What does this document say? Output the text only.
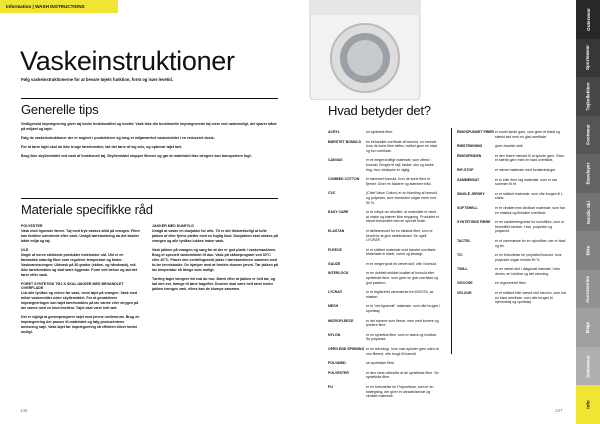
Information | WASH INSTRUCTIONS
Vaskeinstruktioner
Følg vaskeinstruktionerne for at bevare tøjets funktion, form og især levetid.
Generelle tips

Vedligehold imprægnering giver tøj bedre funktionalitet og levetid. Vask ikke din funktionelle imprægnerede tøj mere end nødvendigt, det sparer både på miljøet og tøjet.

Følg de vaskeinstruktioner der er angivet i produkterne og brug et miljømærket vaskemiddel i en reduceret dosis.

For at tørre tøjet skal du ikke bruge tørretumbler, lad det tørre af sig selv, og opbevar tøjet tørt.

Brug ikke skyllemiddel ved vask af funktionelt tøj. Skyllemiddel stopper fibrene og gør at materialet ikke længere kan transportere fugt.

Materiale specifikke råd
POLYESTER

Vask med lignende farver. Tøj med tryk vaskes altid på vrangen. Fibre kan forblive uændrede efter vask. Undgå tørretumbling da det skader både miljø og tøj.

ULD

Nogle af vores strikkede produkter indeholder uld. Uld er en fantastisk naturlig fiber som regulerer temperatur og ånder. Vaskeanvisningen: Uldvask på 30 grader (skåne- og håndvask), må ikke tørretumbles og skal tørre liggende. Form ved behov og lad det tørre efter vask.

FORET SYNTETISK TØJ & SKALJAKKER MED BEHANDLET OVERFLADE

Luk alle lynlåse og velcro før vask, vend tøjet på vrangen. Vask med milde vaskemidler uden skyllemiddel. For at genaktivere imprægneringen kan tøjet tørretumbles på lav varme eller stryges på lav varme med en klud imellem. Tøjet skal være helt tørt.

Det er vigtigt at genimprægnere tøjet med jævne mellemrum. Brug en imprægnering der passer til materialet og følg producentens anvisning nøje. Vask tøjet før imprægnering så effekten bliver bedst muligt.

JAKKER MED DUNFYLD

Undgå at vaske en dunjakke for ofte. Tit er det tilstrækkeligt at lufte jakken af eller fjerne pletter med en fugtig klud. Dunjakken skal vaskes på vrangen og alle lynlåse lukkes inden vask.

Vask jakken på vrangen og sørg for at der er god plads i vaskemaskinen. Brug et specielt vaskemiddel til dun. Vask på skåneprogram ved 30°C eller 40°C. Placér den centrifugerede jakke i tørretumbleren sammen med to-tre tennisbolde. De hjælper med at fordele dunene jævnt. Tør jakken på lav temperatur så længe som muligt.

Tørring tager længere tid end du tror. Mærk efter at jakken er helt tør, og lad den evt. hænge til tørre bagefter. Dunene skal være helt tørre inden jakken hænges væk, ellers kan de klumpe sammen.

146
Hvad betyder det?
ACRYL	en syntetisk fiber.
BØRSTET BOMULD	en behandlet overflade af bomuld, en metode hvor de korte fibre løftes, hvilket giver en blød og lun overflade.
CANVAS	er et meget kraftigt materiale, som oftest i bomuld. Bruges til sejl, tasker, sko og andre ting, hvor slidstyrke er vigtig.
COMBED COTTON	er kæmmet bomuld, hvor de korte fibre er fjernet. Giver en blødere og stærkere tråd.
CVC	(Chief Value Cotton) er en blanding af bomuld og polyester, hvor bomulden udgør mere end 50 %.
EASY CARE	er et udtryk om tekstiler, at materialet er nemt at vaske og kræver ikke strygning. Produktet er blevet behandlet med en speciel finish.
ELASTAN	er fællesnavnet for en elastisk fiber, som er kendt for at give strækbarhed. Se også LYCRA®.
FLEECE	er et strikket materiale med børstet overflade. Materialet er blødt, varmt og letvægt.
GAUZE	er et meget tyndt let vævet stof, ofte i bomuld.
INTERLOCK	er en dobbelt strikket kvalitet af bomuld eller syntetiske fibre, som giver en glat overflade og god pasform.
LYCRA®	er et registreret varemærke fra INVISTA, se elastan.
MESH	er et "net-lignende" materiale, som ofte bruges i sportstøj.
MICROFLEECE	er det samme som fleece, men med kortere og tyndere fibre.
NYLON	er en syntetisk fiber, som er stærk og holdbar. Se polyamid.
OPEN END SPINNING er en teknologi, hvor man spinder garn uden at sno fibrene, ofte brugt til bomuld.
POLYAMID	se syntetiske fibre.
POLYESTER	er den mest udbredte af de syntetiske fibre. Se syntetiske fibre.
PU	er en forkortelse for Polyurethan, som er en belægning, der giver et vandafvisende og vindtæt materiale.
RINGSPUNDET FIBER er snoet tynde garn, som giver et blødt og stærkt stof med en glat overflade.
RIBSTRIKNING	giver elastisk strik.
RINGSPINDEN	er den finere metode til at spinde garn. Giver et stærkt garn med en blød overflade.
RIP-STOP	er vævet materiale med forstærkninger.
SAMMENSAT	er to eller flere lag materiale, som er sat sammen til ét.
SINGLE JERSEY	er et strikket materiale, som ofte bruges til t-shirts.
SOFTSHELL	er et vindtæt men åndbart materiale, som har en elastisk og fleksibel overflade.
SYNTETISKE FIBRE	er en samlebetegnelse for kunstfibre, som er fremstillet kemisk, f.eks. polyester og polyamid.
TACTEL	er et varemærke for en nylonfiber, der er blød og let.
T/C	er en forkortelse for polyester/bomuld, hvor polyester udgør mindst 50 %.
TWILL	er en vævet stof i diagonalt mønster, f.eks. denim, en holdbar og tæt vævning.
VISCOSE	en regenereret fiber.
VELOUR	er et strikket eller vævet stof med luv, som har en blød overflade, som ofte bruges til hjemmetøj og sportstøj.
147
Outerwear
Sportswear
Tøjkollektion
Footwear
Baselayer
Nordic Ski
Bike
Accessories
Bags
Swimwear
Info
